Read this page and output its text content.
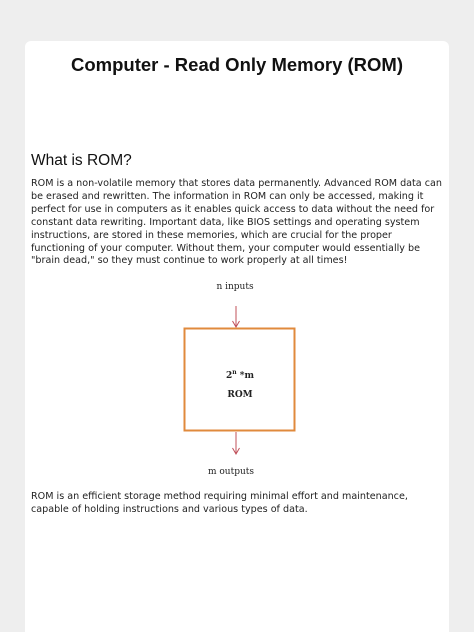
Computer - Read Only Memory (ROM)
What is ROM?

ROM is a non-volatile memory that stores data permanently. Advanced ROM data can be erased and rewritten. The information in ROM can only be accessed, making it perfect for use in computers as it enables quick access to data without the need for constant data rewriting. Important data, like BIOS settings and operating system instructions, are stored in these memories, which are crucial for the proper functioning of your computer. Without them, your computer would essentially be "brain dead," so they must continue to work properly at all times!

n inputs
2$^n$ *m
ROM
m outputs

ROM is an efficient storage method requiring minimal effort and maintenance, capable of holding instructions and various types of data.
